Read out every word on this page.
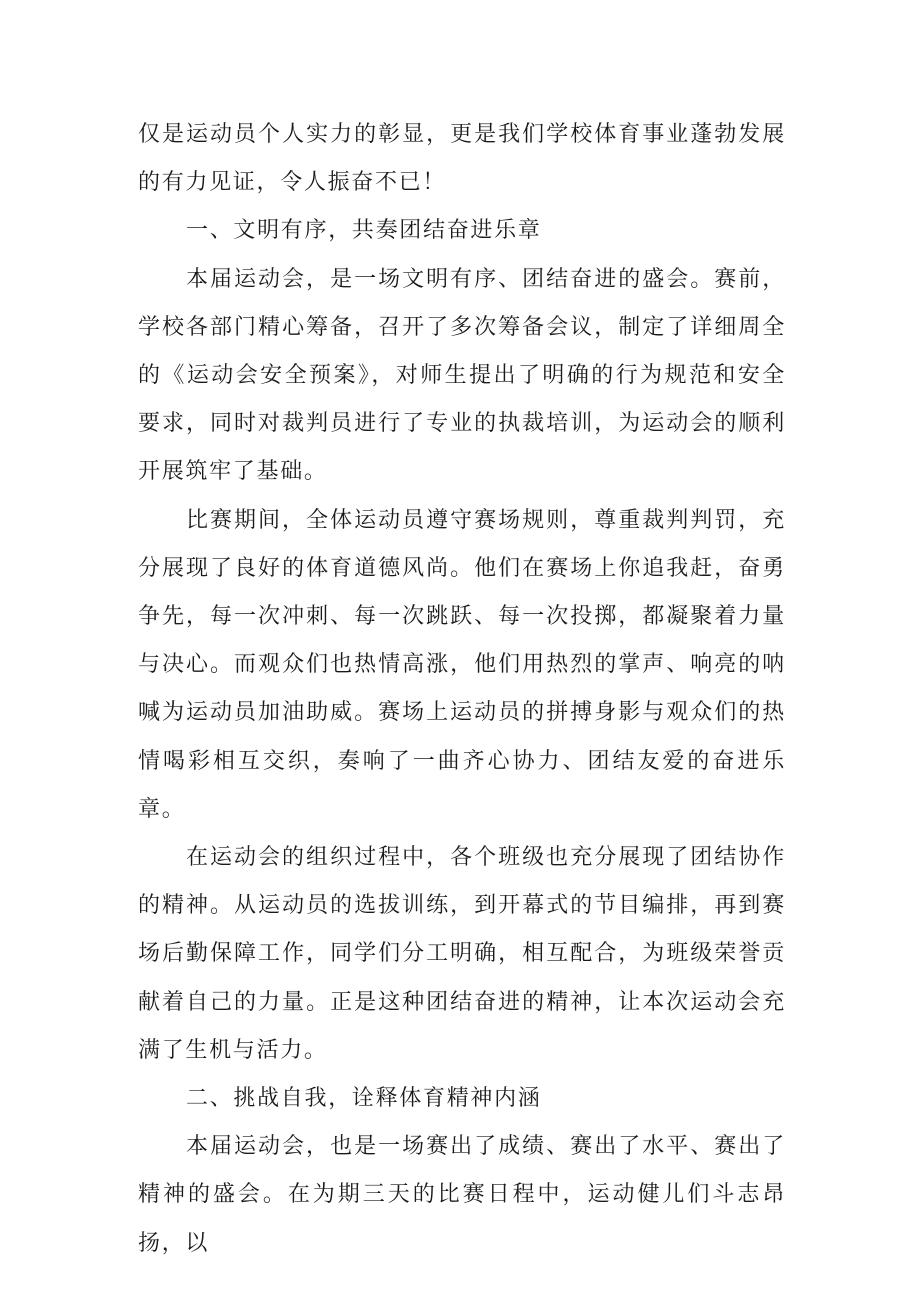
仅是运动员个人实力的彰显，更是我们学校体育事业蓬勃发展的有力见证，令人振奋不已！

一、文明有序，共奏团结奋进乐章

本届运动会，是一场文明有序、团结奋进的盛会。赛前，学校各部门精心筹备，召开了多次筹备会议，制定了详细周全的《运动会安全预案》，对师生提出了明确的行为规范和安全要求，同时对裁判员进行了专业的执裁培训，为运动会的顺利开展筑牢了基础。

比赛期间，全体运动员遵守赛场规则，尊重裁判判罚，充分展现了良好的体育道德风尚。他们在赛场上你追我赶，奋勇争先，每一次冲刺、每一次跳跃、每一次投掷，都凝聚着力量与决心。而观众们也热情高涨，他们用热烈的掌声、响亮的呐喊为运动员加油助威。赛场上运动员的拼搏身影与观众们的热情喝彩相互交织，奏响了一曲齐心协力、团结友爱的奋进乐章。

在运动会的组织过程中，各个班级也充分展现了团结协作的精神。从运动员的选拔训练，到开幕式的节目编排，再到赛场后勤保障工作，同学们分工明确，相互配合，为班级荣誉贡献着自己的力量。正是这种团结奋进的精神，让本次运动会充满了生机与活力。

二、挑战自我，诠释体育精神内涵

本届运动会，也是一场赛出了成绩、赛出了水平、赛出了精神的盛会。在为期三天的比赛日程中，运动健儿们斗志昂扬，以
